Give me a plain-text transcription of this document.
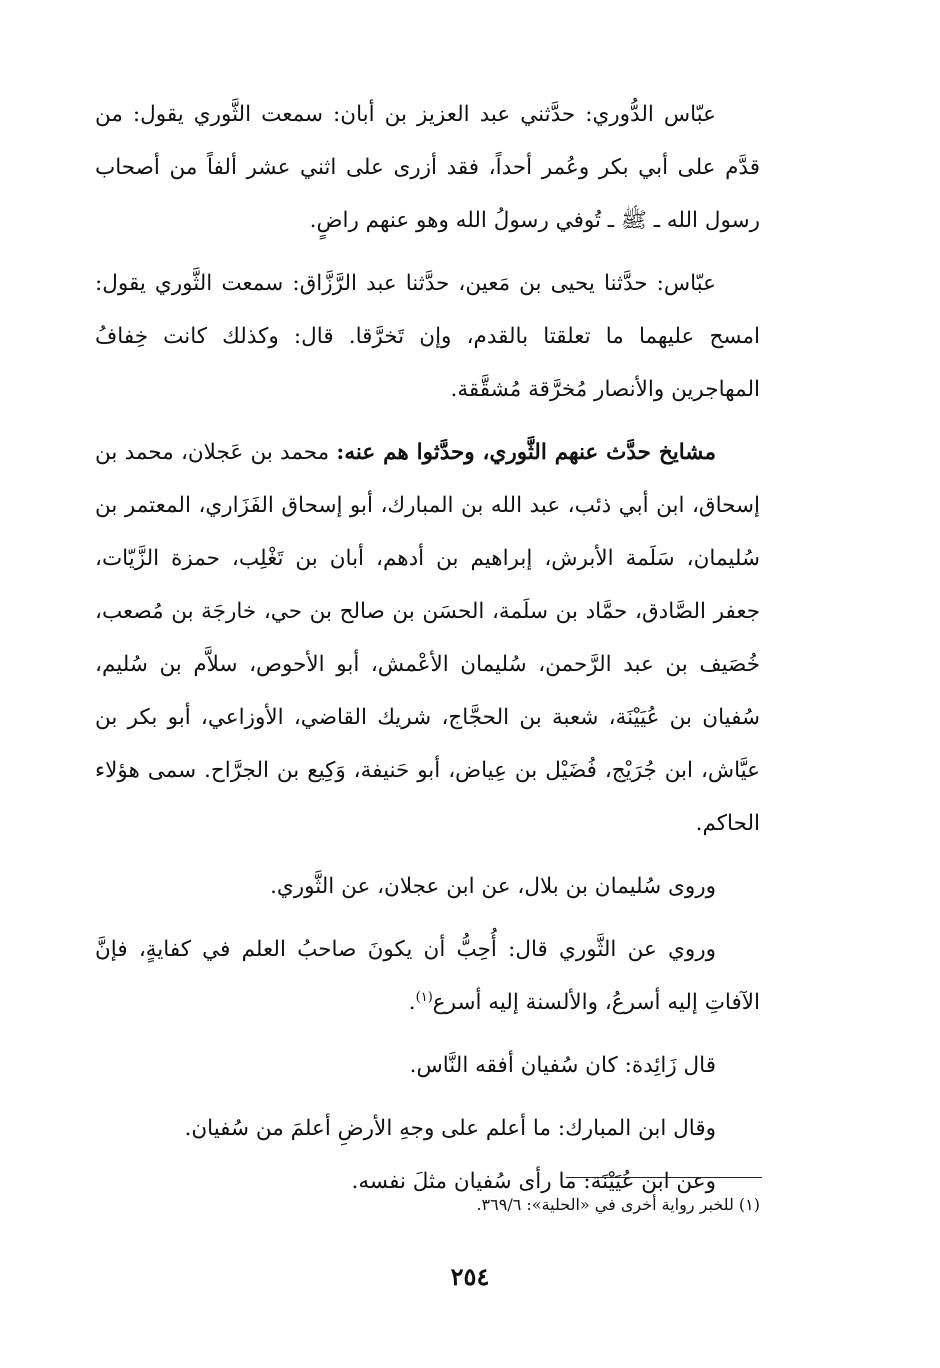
عبّاس الدُّوري: حدَّثني عبد العزيز بن أبان: سمعت الثَّوري يقول: من قدَّم على أبي بكر وعُمر أحداً، فقد أزرى على اثني عشر ألفاً من أصحاب رسول الله ـ ﷺ ـ تُوفي رسولُ الله وهو عنهم راضٍ.

عبّاس: حدَّثنا يحيى بن مَعين، حدَّثنا عبد الرَّزَّاق: سمعت الثَّوري يقول: امسح عليهما ما تعلقتا بالقدم، وإن تَخرَّقا. قال: وكذلك كانت خِفافُ المهاجرين والأنصار مُخرَّقة مُشقَّقة.

مشايخ حدَّث عنهم الثَّوري، وحدَّثوا هم عنه: محمد بن عَجلان، محمد بن إسحاق، ابن أبي ذئب، عبد الله بن المبارك، أبو إسحاق الفَزَاري، المعتمر بن سُليمان، سَلَمة الأبرش، إبراهيم بن أدهم، أبان بن تَغْلِب، حمزة الزَّيّات، جعفر الصَّادق، حمَّاد بن سلَمة، الحسَن بن صالح بن حي، خارجَة بن مُصعب، خُصَيف بن عبد الرَّحمن، سُليمان الأعْمش، أبو الأحوص، سلاَّم بن سُليم، سُفيان بن عُيَيْنَة، شعبة بن الحجَّاج، شريك القاضي، الأوزاعي، أبو بكر بن عيَّاش، ابن جُرَيْج، فُضَيْل بن عِياض، أبو حَنيفة، وَكِيع بن الجرَّاح. سمى هؤلاء الحاكم.

وروى سُليمان بن بلال، عن ابن عجلان، عن الثَّوري.

وروي عن الثَّوري قال: أُحِبُّ أن يكونَ صاحبُ العلم في كفايةٍ، فإنَّ الآفاتِ إليه أسرعُ، والألسنة إليه أسرع$^{(١)}$.

قال زَائِدة: كان سُفيان أفقه النَّاس.

وقال ابن المبارك: ما أعلم على وجهِ الأرضِ أعلمَ من سُفيان.

وعن ابن عُيَيْنَة: ما رأى سُفيان مثلَ نفسه.

(١) للخبر رواية أخرى في «الحلية»: ٣٦٩/٦.
٢٥٤
